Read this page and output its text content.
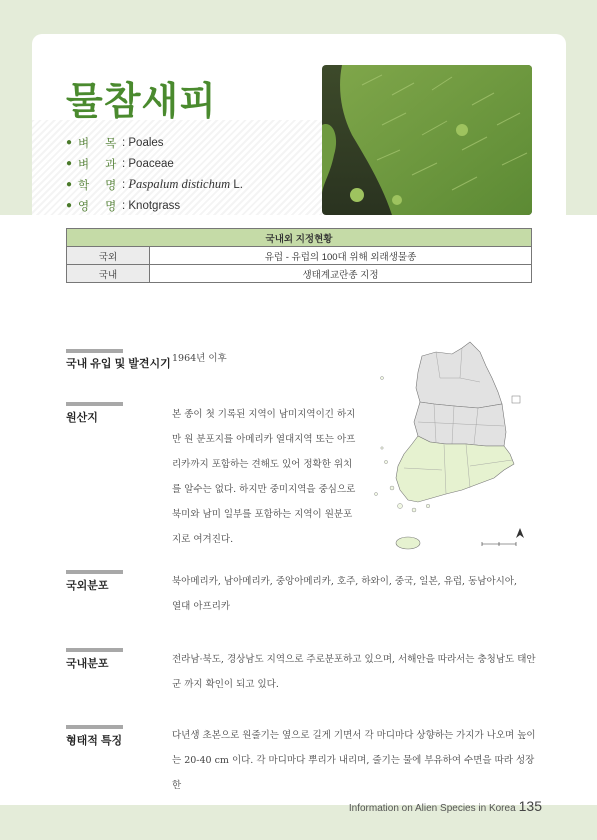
물참새피
● 벼 목 : Poales
● 벼 과 : Poaceae
● 학 명 : Paspalum distichum L.
● 영 명 : Knotgrass
국내외 지정현황	
국외	유럽 - 유럽의 100대 위해 외래생물종
국내	생태계교란종 지정
국내 유입 및 발견시기 1964년 이후
원산지	본 종이 첫 기록된 지역이 남미지역이긴 하지
만 원 분포지를 아메리카 열대지역 또는 아프
리카까지 포함하는 견해도 있어 정확한 위치
를 알수는 없다. 하지만 중미지역을 중심으로
북미와 남미 일부를 포함하는 지역이 원분포
지로 여겨진다.
국외분포	북아메리카, 남아메리카, 중앙아메리카, 호주, 하와이, 중국, 일본, 유럽, 동남아시아,
열대 아프리카
국내분포	전라남·북도, 경상남도 지역으로 주로분포하고 있으며, 서해안을 따라서는 충청남도 태안
군 까지 확인이 되고 있다.
형태적 특징	다년생 초본으로 원줄기는 옆으로 길게 기면서 각 마디마다 상향하는 가지가 나오며 높이
는 20-40 cm 이다. 각 마디마다 뿌리가 내리며, 줄기는 물에 부유하여 수면을 따라 성장한
Information on Alien Species in Korea 135
